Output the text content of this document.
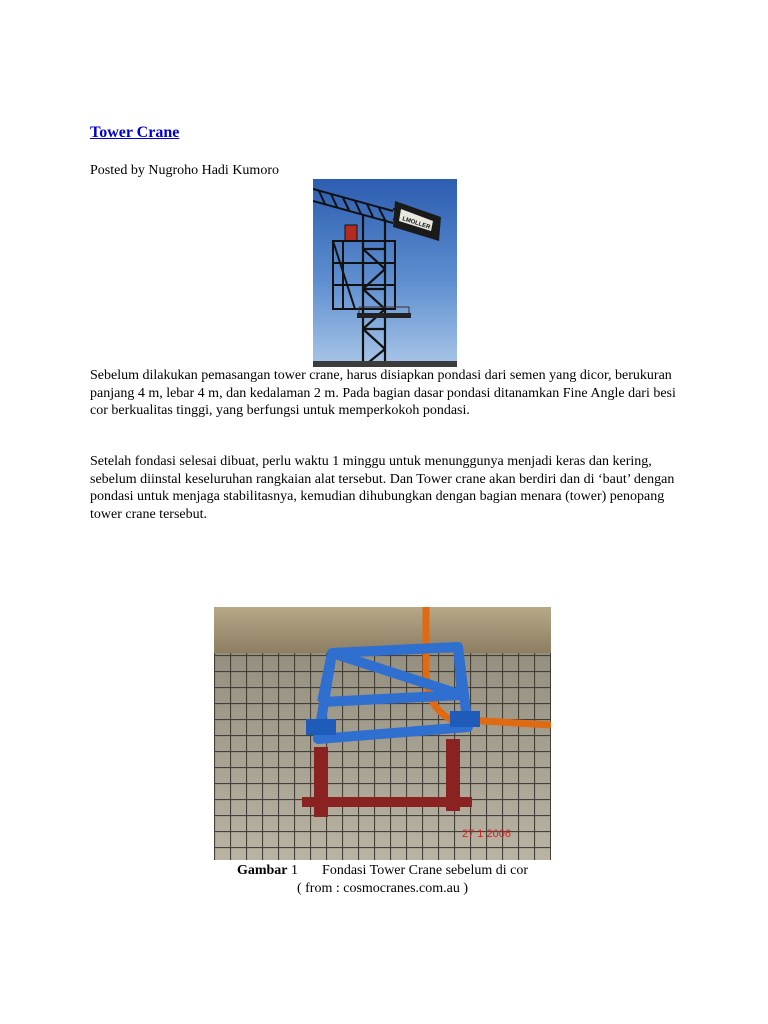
Tower Crane
Posted by Nugroho Hadi Kumoro
LMOLLER

Sebelum dilakukan pemasangan tower crane, harus disiapkan pondasi dari semen yang dicor, berukuran panjang 4 m, lebar 4 m, dan kedalaman 2 m. Pada bagian dasar pondasi ditanamkan Fine Angle dari besi cor berkualitas tinggi, yang berfungsi untuk memperkokoh pondasi.

Setelah fondasi selesai dibuat, perlu waktu 1 minggu untuk menunggunya menjadi keras dan kering, sebelum diinstal keseluruhan rangkaian alat tersebut. Dan Tower crane akan berdiri dan di ‘baut’ dengan pondasi untuk menjaga stabilitasnya, kemudian dihubungkan dengan bagian menara (tower) penopang tower crane tersebut.

27 1 2006
Gambar 1 Fondasi Tower Crane sebelum di cor
( from : cosmocranes.com.au )
